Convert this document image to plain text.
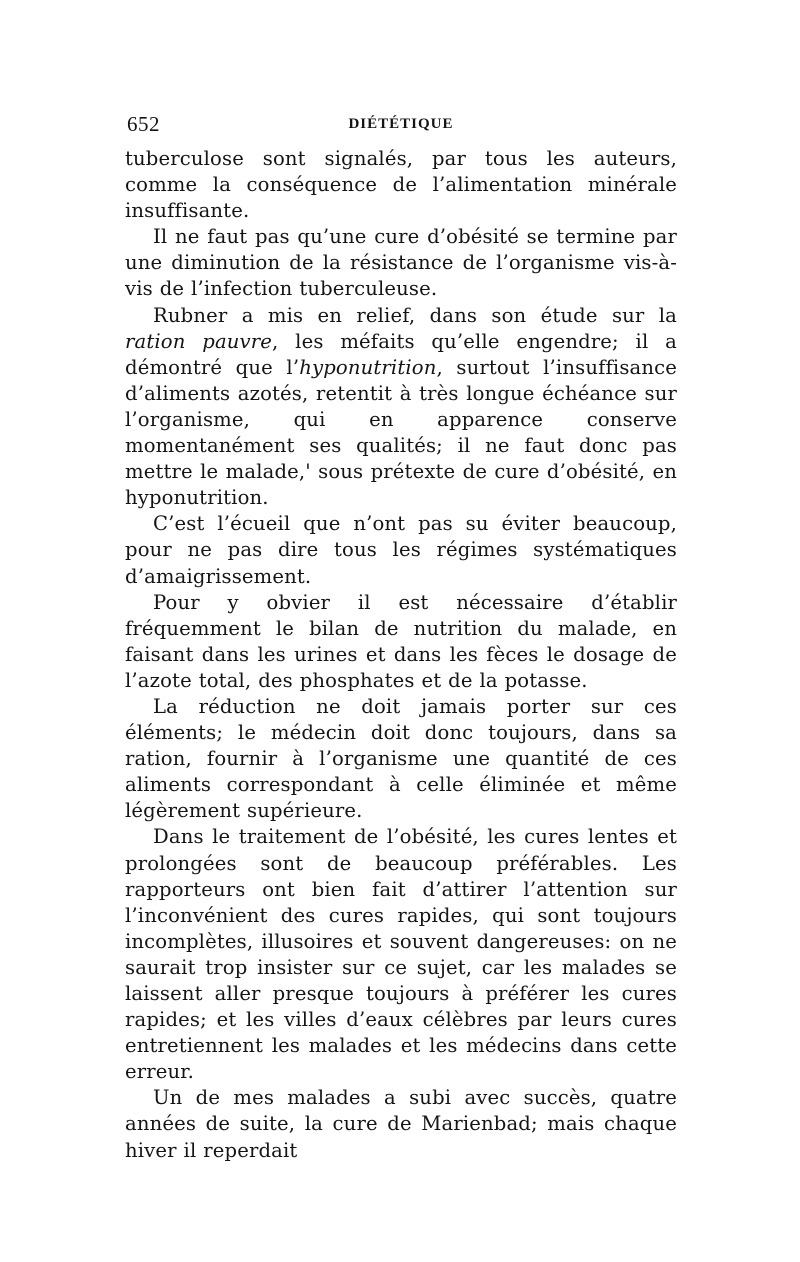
652	DIÉTÉTIQUE

tuberculose sont signalés, par tous les auteurs, comme la conséquence de l’alimentation minérale insuffisante.

Il ne faut pas qu’une cure d’obésité se termine par une diminution de la résistance de l’organisme vis-à-vis de l’infection tuberculeuse.

Rubner a mis en relief, dans son étude sur la ration pauvre, les méfaits qu’elle engendre; il a démontré que l’hyponutrition, surtout l’insuffisance d’aliments azotés, retentit à très longue échéance sur l’organisme, qui en apparence conserve momentanément ses qualités; il ne faut donc pas mettre le malade,' sous prétexte de cure d’obésité, en hyponutrition.

C’est l’écueil que n’ont pas su éviter beaucoup, pour ne pas dire tous les régimes systématiques d’amaigrissement.

Pour y obvier il est nécessaire d’établir fréquemment le bilan de nutrition du malade, en faisant dans les urines et dans les fèces le dosage de l’azote total, des phosphates et de la potasse.

La réduction ne doit jamais porter sur ces éléments; le médecin doit donc toujours, dans sa ration, fournir à l’organisme une quantité de ces aliments correspondant à celle éliminée et même légèrement supérieure.

Dans le traitement de l’obésité, les cures lentes et prolongées sont de beaucoup préférables. Les rapporteurs ont bien fait d’attirer l’attention sur l’inconvénient des cures rapides, qui sont toujours incomplètes, illusoires et souvent dangereuses: on ne saurait trop insister sur ce sujet, car les malades se laissent aller presque toujours à préférer les cures rapides; et les villes d’eaux célèbres par leurs cures entretiennent les malades et les médecins dans cette erreur.

Un de mes malades a subi avec succès, quatre années de suite, la cure de Marienbad; mais chaque hiver il reperdait
